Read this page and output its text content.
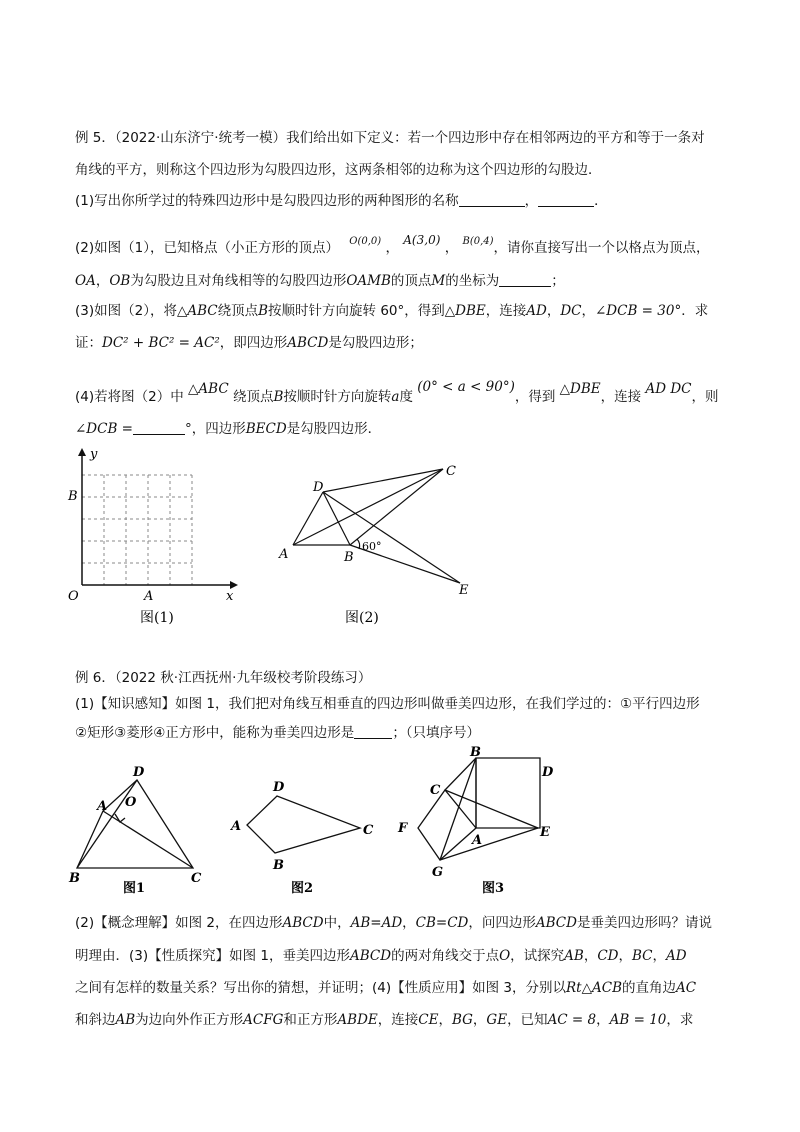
例 5．（2022·山东济宁·统考一模）我们给出如下定义：若一个四边形中存在相邻两边的平方和等于一条对
角线的平方，则称这个四边形为勾股四边形，这两条相邻的边称为这个四边形的勾股边．
(1)写出你所学过的特殊四边形中是勾股四边形的两种图形的名称	，	．
(2)如图（1），已知格点（小正方形的顶点） $^{O(0,0)}$ ， A(3,0) ， $^{B(0,4)}$，请你直接写出一个以格点为顶点，
OA，OB为勾股边且对角线相等的勾股四边形OAMB的顶点M的坐标为	；
(3)如图（2），将△ABC绕顶点B按顺时针方向旋转 60°，得到△DBE，连接AD，DC，∠DCB = 30°．求
证：DC² + BC² = AC²，即四边形ABCD是勾股四边形；
(4)若将图（2）中 △ABC 绕顶点B按顺时针方向旋转a度 (0° < a < 90°)，得到 △DBE，连接 AD DC，则
∠DCB =	°，四边形BECD是勾股四边形．
y
x
O	A
B
图(1)
A	B
C
D
E
60°
图(2)
例 6．（2022 秋·江西抚州·九年级校考阶段练习）
(1)【知识感知】如图 1，我们把对角线互相垂直的四边形叫做垂美四边形，在我们学过的：①平行四边形
②矩形③菱形④正方形中，能称为垂美四边形是	；（只填序号）
A
B	C
D
O
图1
A
B
C
D
图2
B
C
D
E
F
G
A
图3
(2)【概念理解】如图 2，在四边形ABCD中，AB=AD，CB=CD，问四边形ABCD是垂美四边形吗？请说
明理由．(3)【性质探究】如图 1，垂美四边形ABCD的两对角线交于点O，试探究AB，CD，BC，AD
之间有怎样的数量关系？写出你的猜想，并证明；(4)【性质应用】如图 3，分别以Rt△ACB的直角边AC
和斜边AB为边向外作正方形ACFG和正方形ABDE，连接CE，BG，GE，已知AC = 8，AB = 10，求
